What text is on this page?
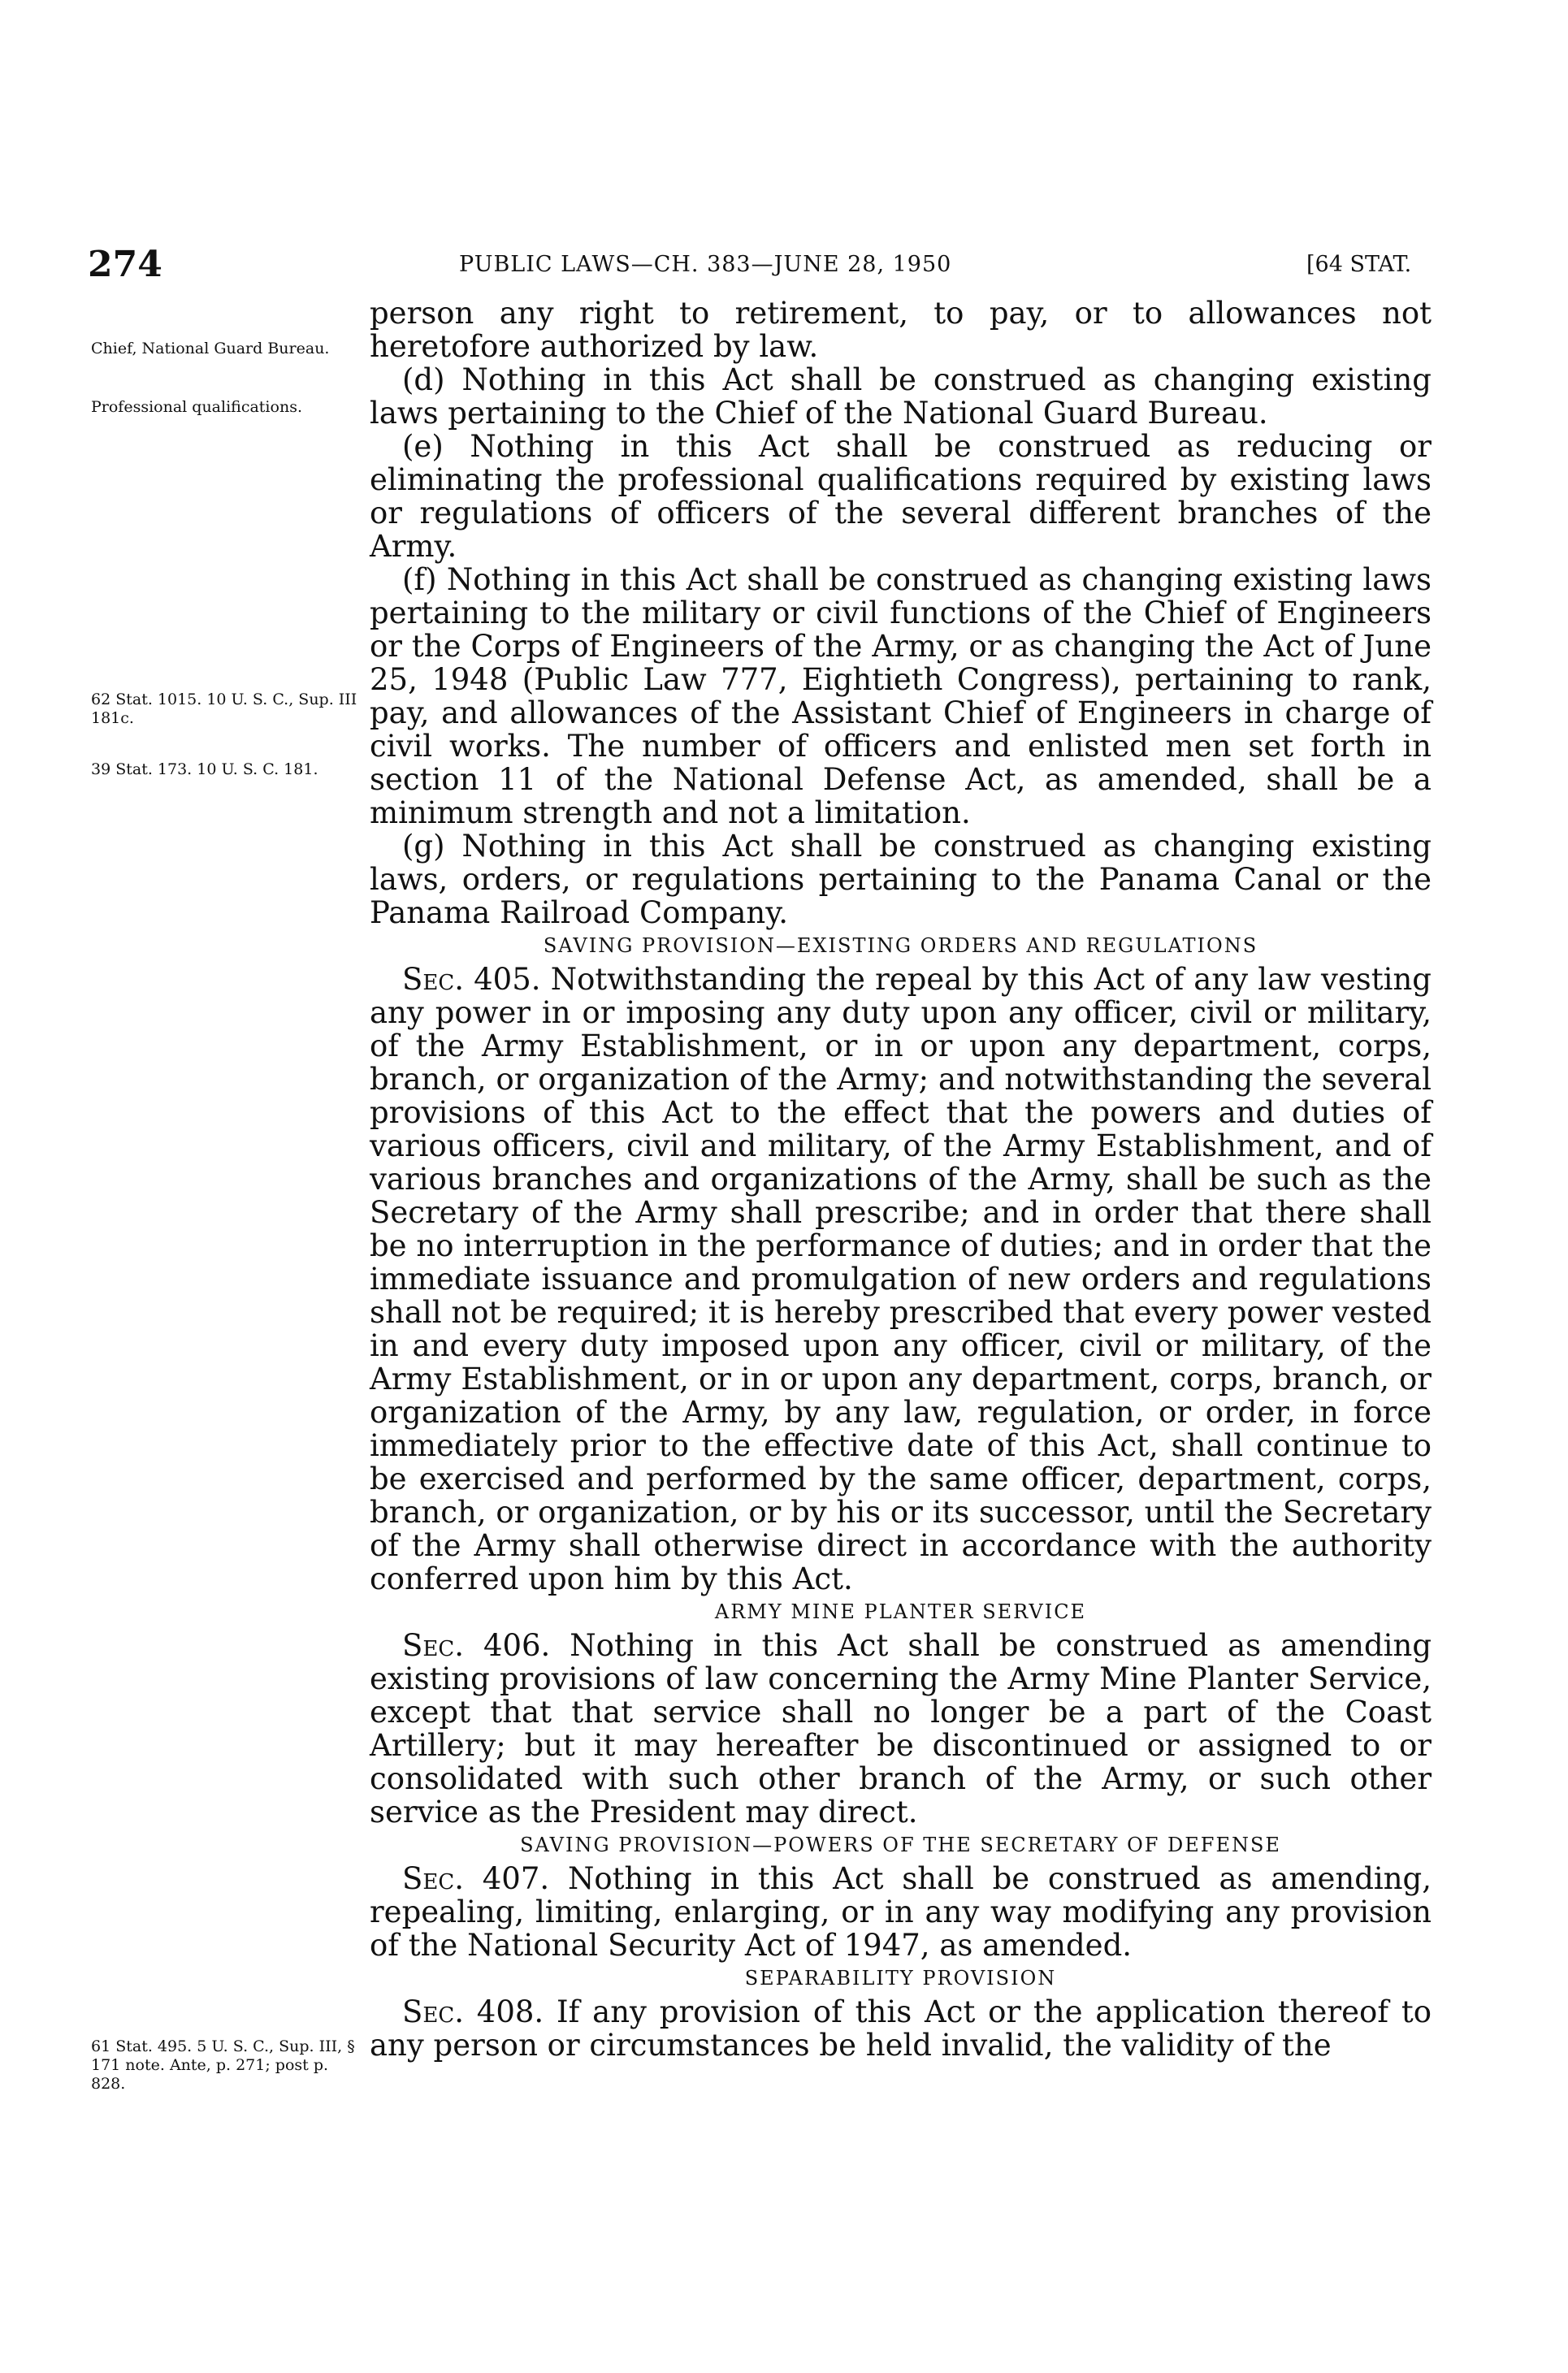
274	PUBLIC LAWS—CH. 383—JUNE 28, 1950	[64 STAT.
Chief, National Guard Bureau.
Professional qualifications.
62 Stat. 1015. 10 U. S. C., Sup. III 181c.
39 Stat. 173. 10 U. S. C. 181.
61 Stat. 495. 5 U. S. C., Sup. III, § 171 note. Ante, p. 271; post p. 828.

person any right to retirement, to pay, or to allowances not heretofore authorized by law.

(d) Nothing in this Act shall be construed as changing existing laws pertaining to the Chief of the National Guard Bureau.

(e) Nothing in this Act shall be construed as reducing or eliminating the professional qualifications required by existing laws or regulations of officers of the several different branches of the Army.

(f) Nothing in this Act shall be construed as changing existing laws pertaining to the military or civil functions of the Chief of Engineers or the Corps of Engineers of the Army, or as changing the Act of June 25, 1948 (Public Law 777, Eightieth Congress), pertaining to rank, pay, and allowances of the Assistant Chief of Engineers in charge of civil works. The number of officers and enlisted men set forth in section 11 of the National Defense Act, as amended, shall be a minimum strength and not a limitation.

(g) Nothing in this Act shall be construed as changing existing laws, orders, or regulations pertaining to the Panama Canal or the Panama Railroad Company.

SAVING PROVISION—EXISTING ORDERS AND REGULATIONS

Sec. 405. Notwithstanding the repeal by this Act of any law vesting any power in or imposing any duty upon any officer, civil or military, of the Army Establishment, or in or upon any department, corps, branch, or organization of the Army; and notwithstanding the several provisions of this Act to the effect that the powers and duties of various officers, civil and military, of the Army Establishment, and of various branches and organizations of the Army, shall be such as the Secretary of the Army shall prescribe; and in order that there shall be no interruption in the performance of duties; and in order that the immediate issuance and promulgation of new orders and regulations shall not be required; it is hereby prescribed that every power vested in and every duty imposed upon any officer, civil or military, of the Army Establishment, or in or upon any department, corps, branch, or organization of the Army, by any law, regulation, or order, in force immediately prior to the effective date of this Act, shall continue to be exercised and performed by the same officer, department, corps, branch, or organization, or by his or its successor, until the Secretary of the Army shall otherwise direct in accordance with the authority conferred upon him by this Act.

ARMY MINE PLANTER SERVICE

Sec. 406. Nothing in this Act shall be construed as amending existing provisions of law concerning the Army Mine Planter Service, except that that service shall no longer be a part of the Coast Artillery; but it may hereafter be discontinued or assigned to or consolidated with such other branch of the Army, or such other service as the President may direct.

SAVING PROVISION—POWERS OF THE SECRETARY OF DEFENSE

Sec. 407. Nothing in this Act shall be construed as amending, repealing, limiting, enlarging, or in any way modifying any provision of the National Security Act of 1947, as amended.

SEPARABILITY PROVISION

Sec. 408. If any provision of this Act or the application thereof to any person or circumstances be held invalid, the validity of the
